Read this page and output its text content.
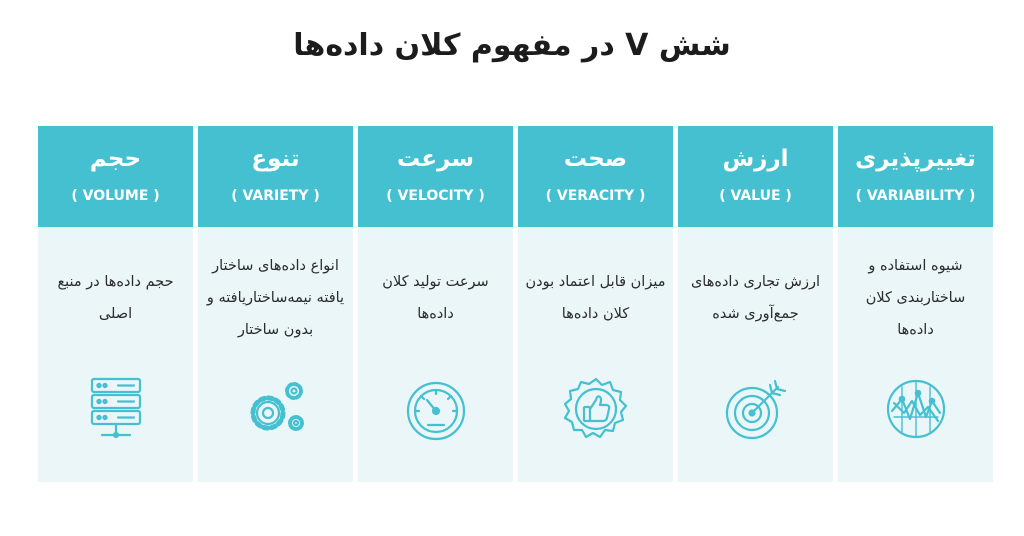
شش V در مفهوم کلان داده‌ها
تغییرپذیری
( VARIABILITY )
شیوه استفاده و ساختاربندی کلان داده‌ها
ارزش
( VALUE )
ارزش تجاری داده‌های جمع‌آوری شده
صحت
( VERACITY )
میزان قابل اعتماد بودن کلان داده‌ها
سرعت
( VELOCITY )
سرعت تولید کلان داده‌ها
تنوع
( VARIETY )
انواع داده‌های ساختار یافته نیمه‌ساختاریافته و بدون ساختار
حجم
( VOLUME )
حجم داده‌ها در منبع اصلی
